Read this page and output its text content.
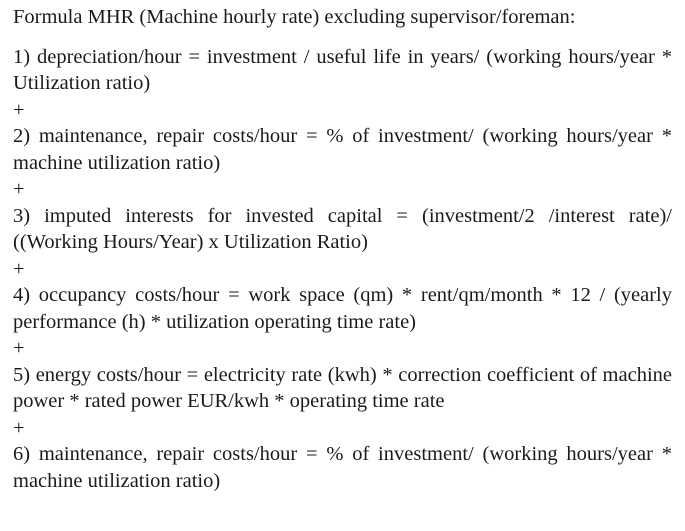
Formula MHR (Machine hourly rate) excluding supervisor/foreman:

1) depreciation/hour = investment / useful life in years/ (working hours/year * Utilization ratio)

+

2) maintenance, repair costs/hour = % of investment/ (working hours/year * machine utilization ratio)

+

3) imputed interests for invested capital = (investment/2 /interest rate)/ ((Working Hours/Year) x Utilization Ratio)

+

4) occupancy costs/hour = work space (qm) * rent/qm/month * 12 / (yearly performance (h) * utilization operating time rate)

+

5) energy costs/hour = electricity rate (kwh) * correction coefficient of machine power * rated power EUR/kwh * operating time rate

+

6) maintenance, repair costs/hour = % of investment/ (working hours/year * machine utilization ratio)
